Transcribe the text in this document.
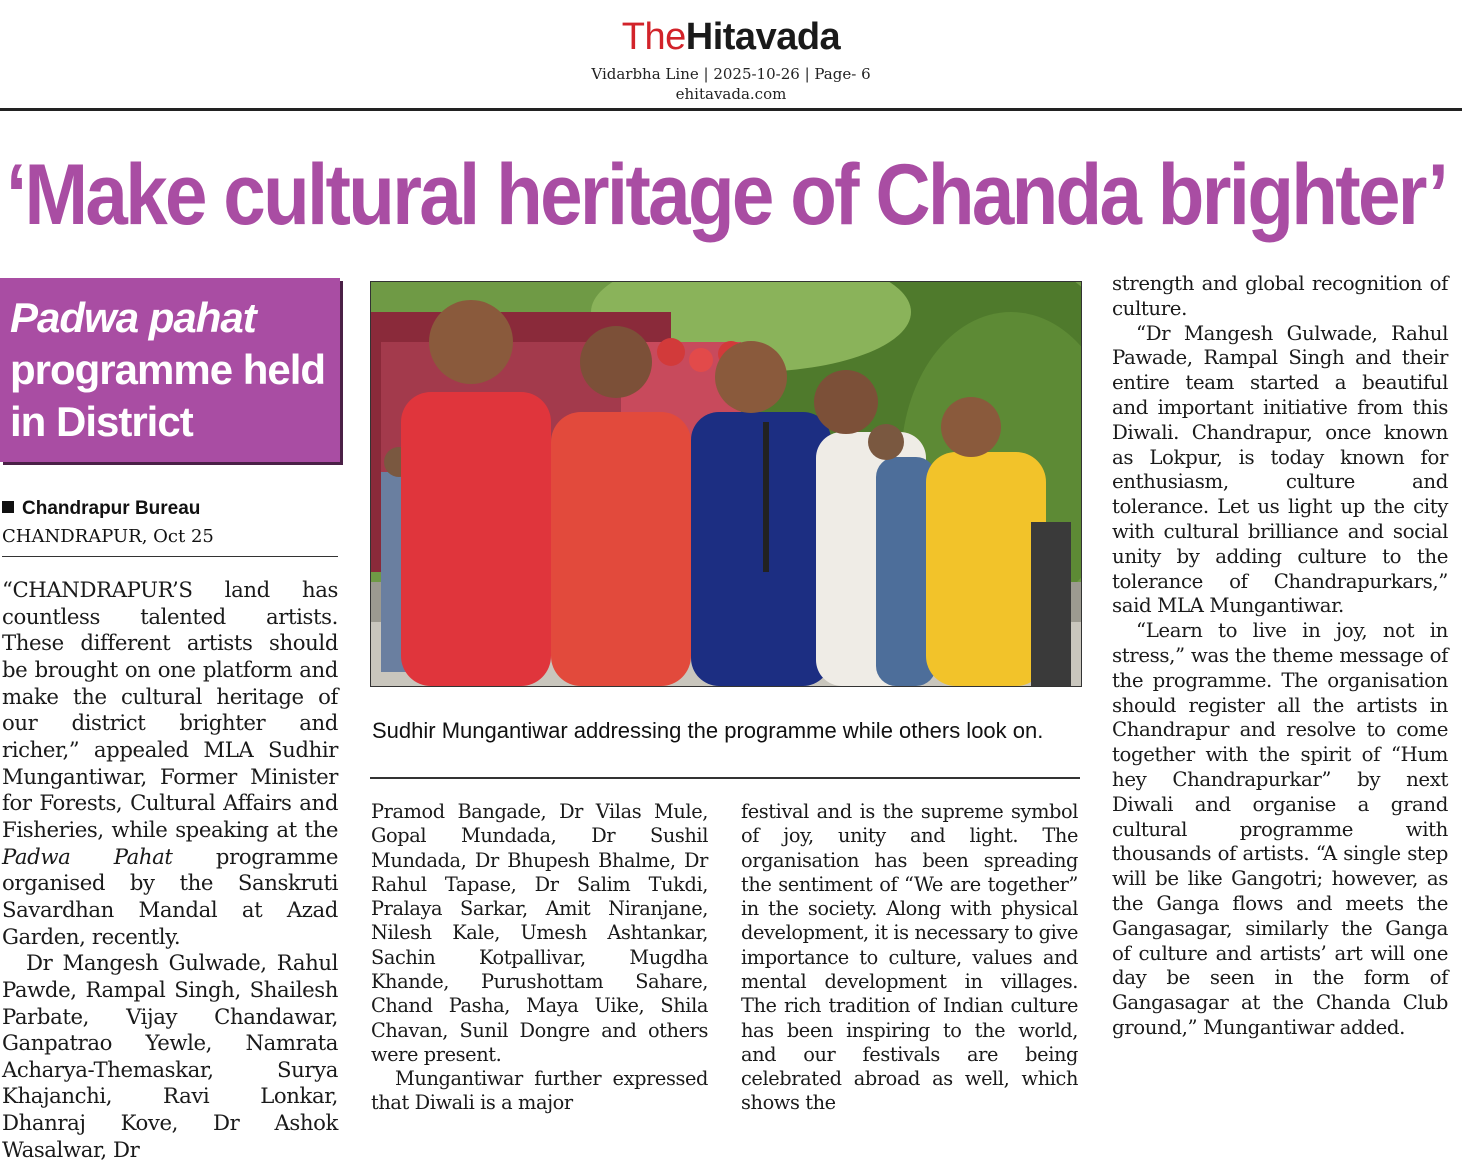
TheHitavada
Vidarbha Line | 2025-10-26 | Page- 6
ehitavada.com
‘Make cultural heritage of Chanda brighter’
Padwa pahat
programme held in District
Chandrapur Bureau
CHANDRAPUR, Oct 25

“CHANDRAPUR’S land has countless talented artists. These different artists should be brought on one platform and make the cultural heritage of our district brighter and richer,” appealed MLA Sudhir Mungantiwar, Former Minister for Forests, Cultural Affairs and Fisheries, while speaking at the Padwa Pahat programme organised by the Sanskruti Savardhan Mandal at Azad Garden, recently.

Dr Mangesh Gulwade, Rahul Pawde, Rampal Singh, Shailesh Parbate, Vijay Chandawar, Ganpatrao Yewle, Namrata Acharya-Themaskar, Surya Khajanchi, Ravi Lonkar, Dhanraj Kove, Dr Ashok Wasalwar, Dr

Sudhir Mungantiwar addressing the programme while others look on.

Pramod Bangade, Dr Vilas Mule, Gopal Mundada, Dr Sushil Mundada, Dr Bhupesh Bhalme, Dr Rahul Tapase, Dr Salim Tukdi, Pralaya Sarkar, Amit Niranjane, Nilesh Kale, Umesh Ashtankar, Sachin Kotpallivar, Mugdha Khande, Purushottam Sahare, Chand Pasha, Maya Uike, Shila Chavan, Sunil Dongre and others were present.

Mungantiwar further expressed that Diwali is a major

festival and is the supreme symbol of joy, unity and light. The organisation has been spreading the sentiment of “We are together” in the society. Along with physical development, it is necessary to give importance to culture, values and mental development in villages. The rich tradition of Indian culture has been inspiring to the world, and our festivals are being celebrated abroad as well, which shows the

strength and global recognition of culture.

“Dr Mangesh Gulwade, Rahul Pawade, Rampal Singh and their entire team started a beautiful and important initiative from this Diwali. Chandrapur, once known as Lokpur, is today known for enthusiasm, culture and tolerance. Let us light up the city with cultural brilliance and social unity by adding culture to the tolerance of Chandrapurkars,” said MLA Mungantiwar.

“Learn to live in joy, not in stress,” was the theme message of the programme. The organisation should register all the artists in Chandrapur and resolve to come together with the spirit of “Hum hey Chandrapurkar” by next Diwali and organise a grand cultural programme with thousands of artists. “A single step will be like Gangotri; however, as the Ganga flows and meets the Gangasagar, similarly the Ganga of culture and artists’ art will one day be seen in the form of Gangasagar at the Chanda Club ground,” Mungantiwar added.
